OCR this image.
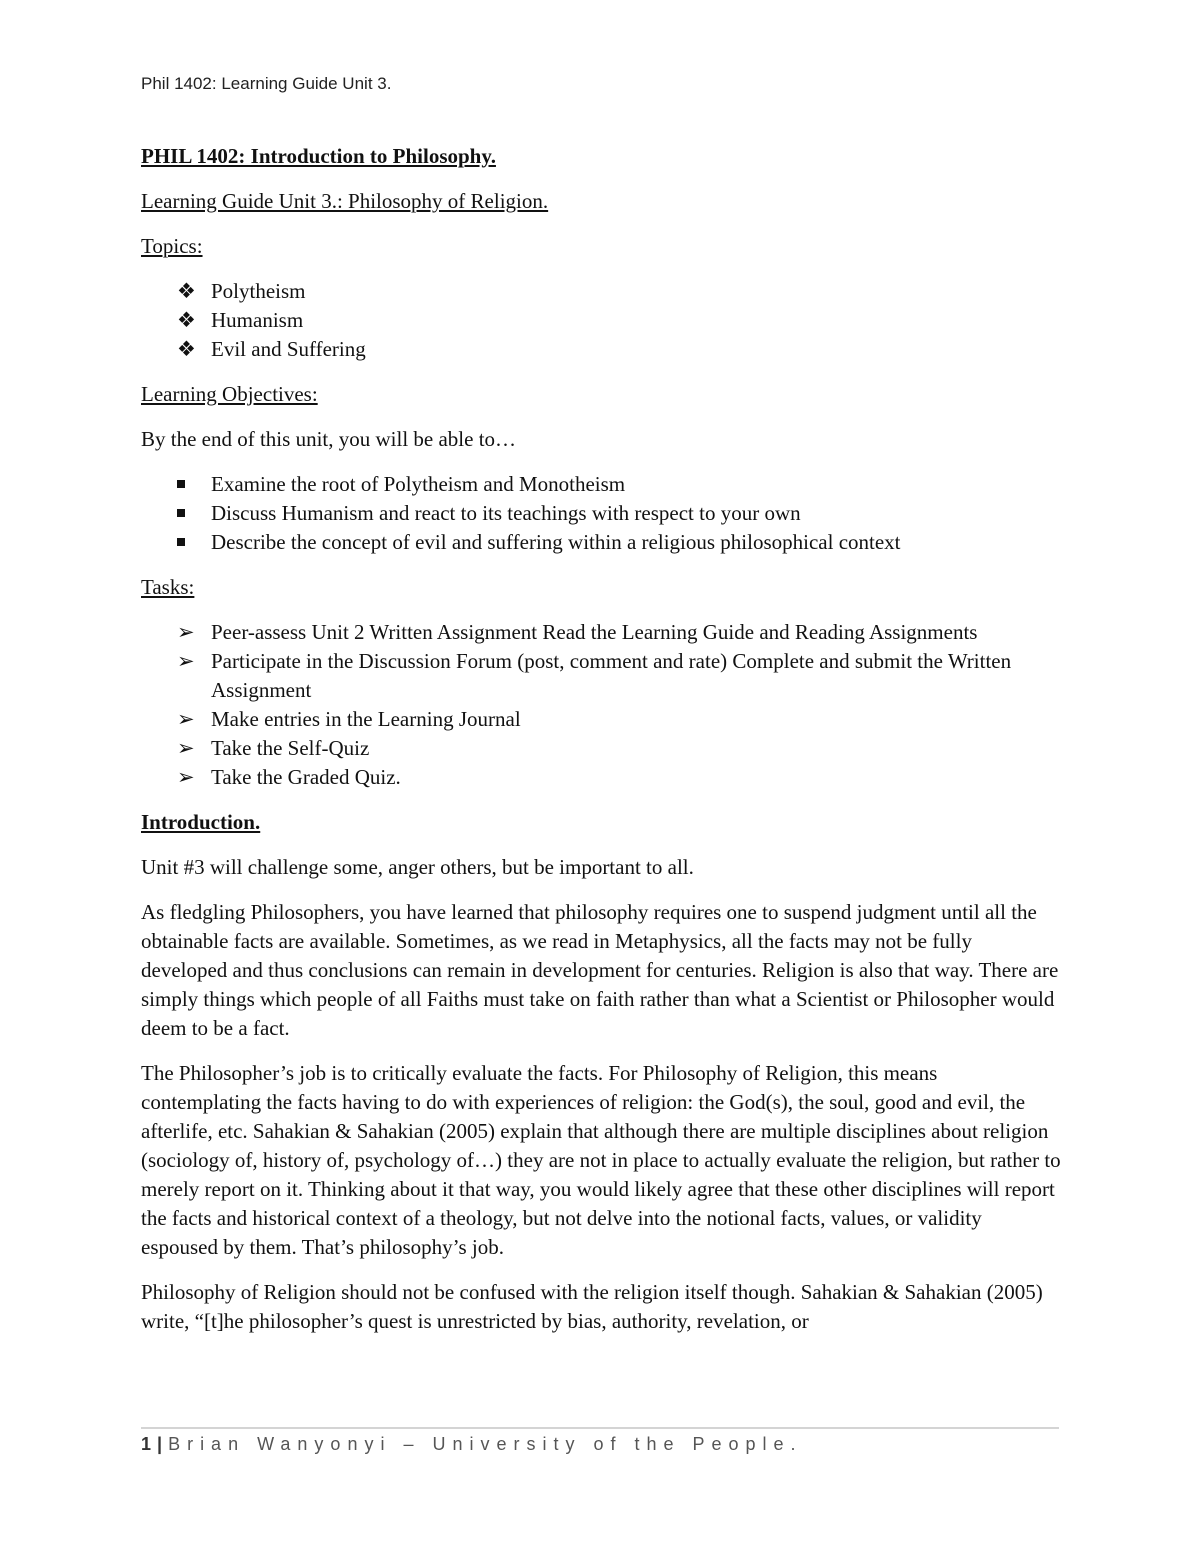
Phil 1402: Learning Guide Unit 3.

PHIL 1402: Introduction to Philosophy.

Learning Guide Unit 3.: Philosophy of Religion.

Topics:

❖ Polytheism
❖ Humanism
❖ Evil and Suffering

Learning Objectives:

By the end of this unit, you will be able to…

Examine the root of Polytheism and Monotheism
Discuss Humanism and react to its teachings with respect to your own
Describe the concept of evil and suffering within a religious philosophical context

Tasks:

➢ Peer-assess Unit 2 Written Assignment Read the Learning Guide and Reading Assignments
➢ Participate in the Discussion Forum (post, comment and rate) Complete and submit the Written Assignment
➢ Make entries in the Learning Journal
➢ Take the Self-Quiz
➢ Take the Graded Quiz.

Introduction.

Unit #3 will challenge some, anger others, but be important to all.

As fledgling Philosophers, you have learned that philosophy requires one to suspend judgment until all the obtainable facts are available. Sometimes, as we read in Metaphysics, all the facts may not be fully developed and thus conclusions can remain in development for centuries. Religion is also that way. There are simply things which people of all Faiths must take on faith rather than what a Scientist or Philosopher would deem to be a fact.

The Philosopher’s job is to critically evaluate the facts. For Philosophy of Religion, this means contemplating the facts having to do with experiences of religion: the God(s), the soul, good and evil, the afterlife, etc. Sahakian & Sahakian (2005) explain that although there are multiple disciplines about religion (sociology of, history of, psychology of…) they are not in place to actually evaluate the religion, but rather to merely report on it. Thinking about it that way, you would likely agree that these other disciplines will report the facts and historical context of a theology, but not delve into the notional facts, values, or validity espoused by them. That’s philosophy’s job.

Philosophy of Religion should not be confused with the religion itself though. Sahakian & Sahakian (2005) write, “[t]he philosopher’s quest is unrestricted by bias, authority, revelation, or

1 | Brian Wanyonyi – University of the People.
